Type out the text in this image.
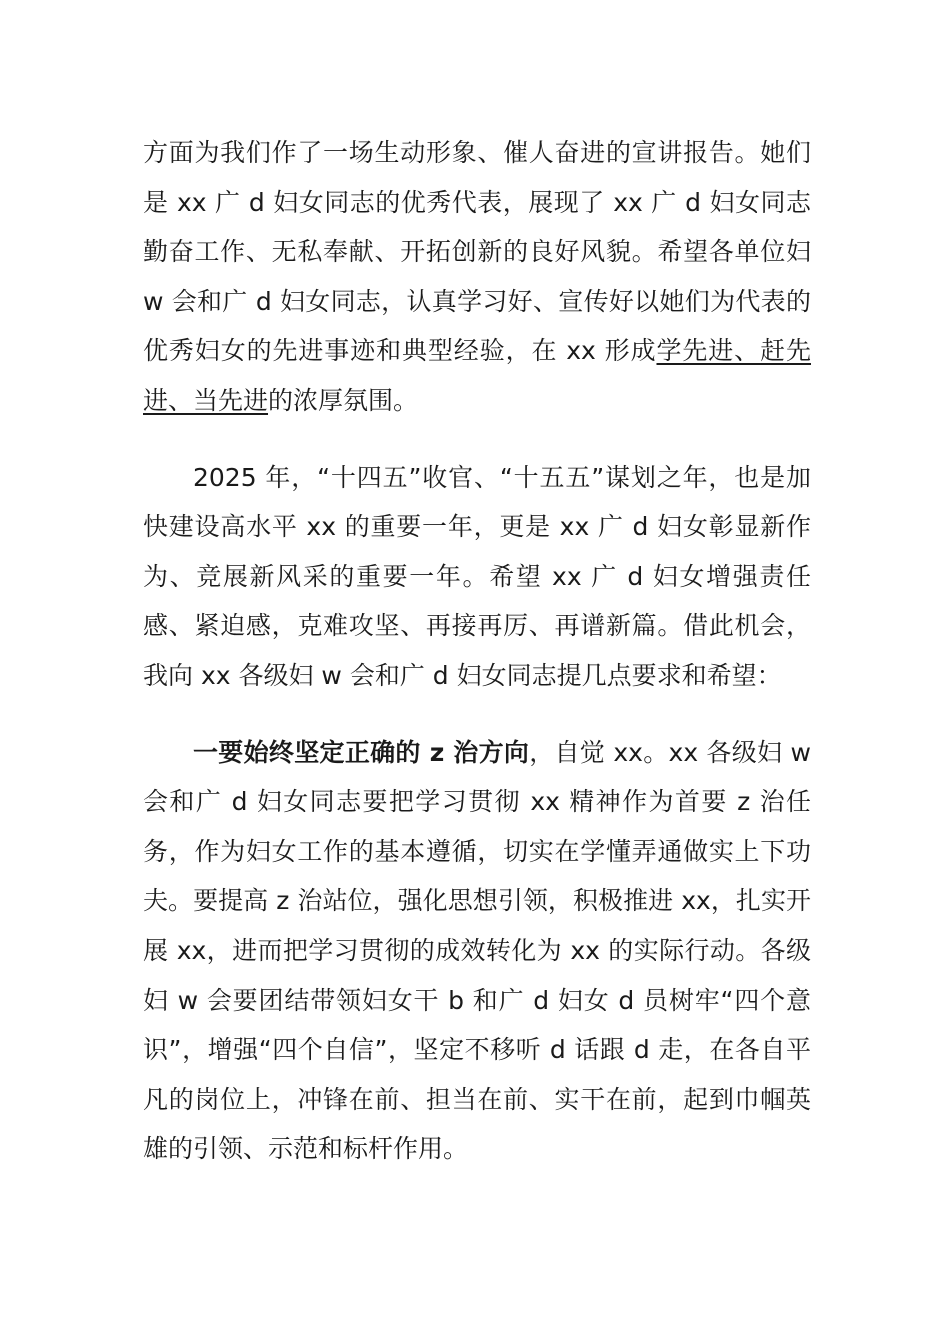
方面为我们作了一场生动形象、催人奋进的宣讲报告。她们是 xx 广 d 妇女同志的优秀代表，展现了 xx 广 d 妇女同志勤奋工作、无私奉献、开拓创新的良好风貌。希望各单位妇 w 会和广 d 妇女同志，认真学习好、宣传好以她们为代表的优秀妇女的先进事迹和典型经验，在 xx 形成学先进、赶先进、当先进的浓厚氛围。

2025 年，“十四五”收官、“十五五”谋划之年，也是加快建设高水平 xx 的重要一年，更是 xx 广 d 妇女彰显新作为、竞展新风采的重要一年。希望 xx 广 d 妇女增强责任感、紧迫感，克难攻坚、再接再厉、再谱新篇。借此机会，我向 xx 各级妇 w 会和广 d 妇女同志提几点要求和希望：

一要始终坚定正确的 z 治方向，自觉 xx。xx 各级妇 w 会和广 d 妇女同志要把学习贯彻 xx 精神作为首要 z 治任务，作为妇女工作的基本遵循，切实在学懂弄通做实上下功夫。要提高 z 治站位，强化思想引领，积极推进 xx，扎实开展 xx，进而把学习贯彻的成效转化为 xx 的实际行动。各级妇 w 会要团结带领妇女干 b 和广 d 妇女 d 员树牢“四个意识”，增强“四个自信”，坚定不移听 d 话跟 d 走，在各自平凡的岗位上，冲锋在前、担当在前、实干在前，起到巾帼英雄的引领、示范和标杆作用。
